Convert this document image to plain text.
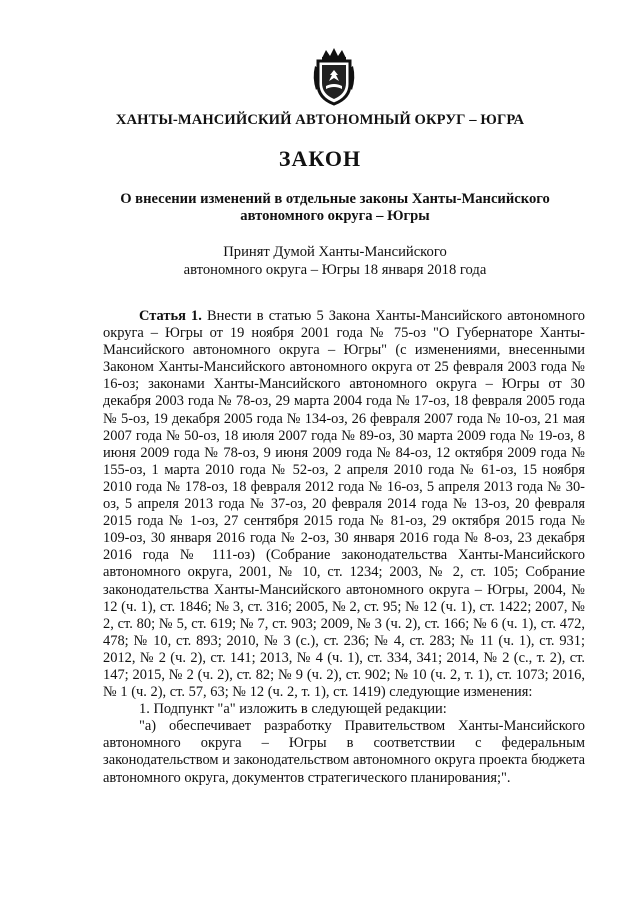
ХАНТЫ-МАНСИЙСКИЙ АВТОНОМНЫЙ ОКРУГ – ЮГРА
ЗАКОН
О внесении изменений в отдельные законы Ханты-Мансийского
автономного округа – Югры
Принят Думой Ханты-Мансийского
автономного округа – Югры 18 января 2018 года

Статья 1. Внести в статью 5 Закона Ханты-Мансийского автономного округа – Югры от 19 ноября 2001 года № 75-оз "О Губернаторе Ханты-Мансийского автономного округа – Югры" (с изменениями, внесенными Законом Ханты-Мансийского автономного округа от 25 февраля 2003 года № 16-оз; законами Ханты-Мансийского автономного округа – Югры от 30 декабря 2003 года № 78-оз, 29 марта 2004 года № 17-оз, 18 февраля 2005 года № 5-оз, 19 декабря 2005 года № 134-оз, 26 февраля 2007 года № 10-оз, 21 мая 2007 года № 50-оз, 18 июля 2007 года № 89-оз, 30 марта 2009 года № 19-оз, 8 июня 2009 года № 78-оз, 9 июня 2009 года № 84-оз, 12 октября 2009 года № 155-оз, 1 марта 2010 года № 52-оз, 2 апреля 2010 года № 61-оз, 15 ноября 2010 года № 178-оз, 18 февраля 2012 года № 16-оз, 5 апреля 2013 года № 30-оз, 5 апреля 2013 года № 37-оз, 20 февраля 2014 года № 13-оз, 20 февраля 2015 года № 1-оз, 27 сентября 2015 года № 81-оз, 29 октября 2015 года № 109-оз, 30 января 2016 года № 2-оз, 30 января 2016 года № 8-оз, 23 декабря 2016 года № 111-оз) (Собрание законодательства Ханты-Мансийского автономного округа, 2001, № 10, ст. 1234; 2003, № 2, ст. 105; Собрание законодательства Ханты-Мансийского автономного округа – Югры, 2004, № 12 (ч. 1), ст. 1846; № 3, ст. 316; 2005, № 2, ст. 95; № 12 (ч. 1), ст. 1422; 2007, № 2, ст. 80; № 5, ст. 619; № 7, ст. 903; 2009, № 3 (ч. 2), ст. 166; № 6 (ч. 1), ст. 472, 478; № 10, ст. 893; 2010, № 3 (с.), ст. 236; № 4, ст. 283; № 11 (ч. 1), ст. 931; 2012, № 2 (ч. 2), ст. 141; 2013, № 4 (ч. 1), ст. 334, 341; 2014, № 2 (с., т. 2), ст. 147; 2015, № 2 (ч. 2), ст. 82; № 9 (ч. 2), ст. 902; № 10 (ч. 2, т. 1), ст. 1073; 2016, № 1 (ч. 2), ст. 57, 63; № 12 (ч. 2, т. 1), ст. 1419) следующие изменения:

1. Подпункт "а" изложить в следующей редакции:

"а) обеспечивает разработку Правительством Ханты-Мансийского автономного округа – Югры в соответствии с федеральным законодательством и законодательством автономного округа проекта бюджета автономного округа, документов стратегического планирования;".
